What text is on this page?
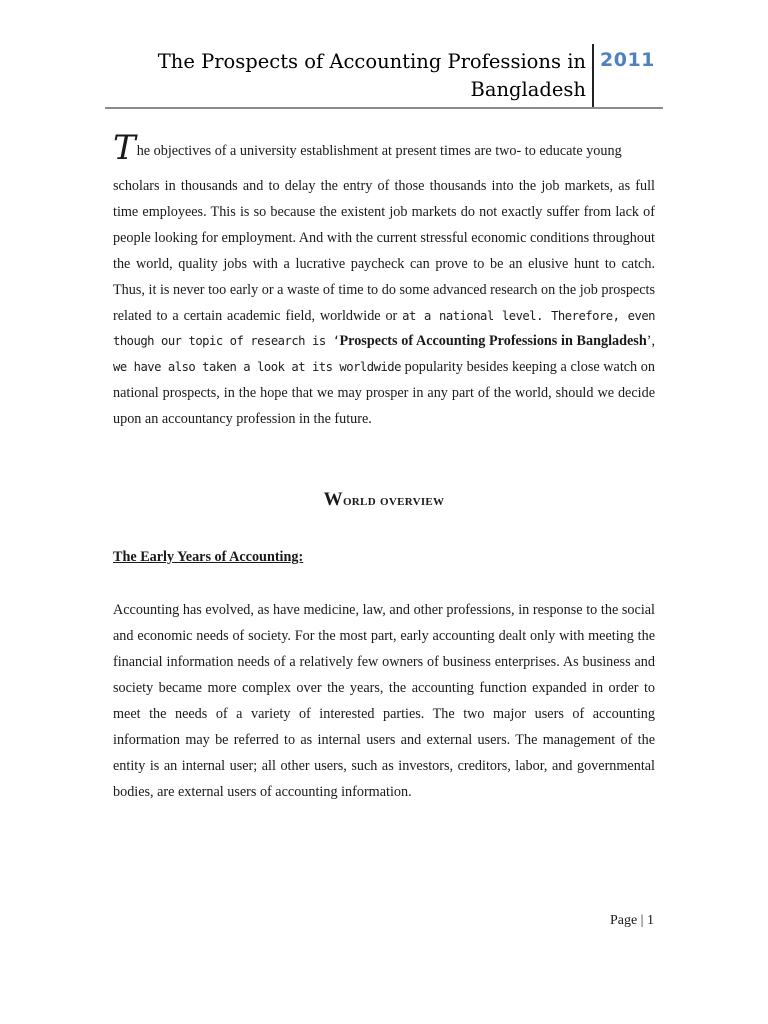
The Prospects of Accounting Professions in
Bangladesh
2011
The objectives of a university establishment at present times are two- to educate young

scholars in thousands and to delay the entry of those thousands into the job markets, as full time employees. This is so because the existent job markets do not exactly suffer from lack of people looking for employment. And with the current stressful economic conditions throughout the world, quality jobs with a lucrative paycheck can prove to be an elusive hunt to catch. Thus, it is never too early or a waste of time to do some advanced research on the job prospects related to a certain academic field, worldwide or at a national level. Therefore, even though our topic of research is ‘Prospects of Accounting Professions in Bangladesh’, we have also taken a look at its worldwide popularity besides keeping a close watch on national prospects, in the hope that we may prosper in any part of the world, should we decide upon an accountancy profession in the future.

World overview
The Early Years of Accounting:

Accounting has evolved, as have medicine, law, and other professions, in response to the social and economic needs of society. For the most part, early accounting dealt only with meeting the financial information needs of a relatively few owners of business enterprises. As business and society became more complex over the years, the accounting function expanded in order to meet the needs of a variety of interested parties. The two major users of accounting information may be referred to as internal users and external users. The management of the entity is an internal user; all other users, such as investors, creditors, labor, and governmental bodies, are external users of accounting information.

Page | 1
